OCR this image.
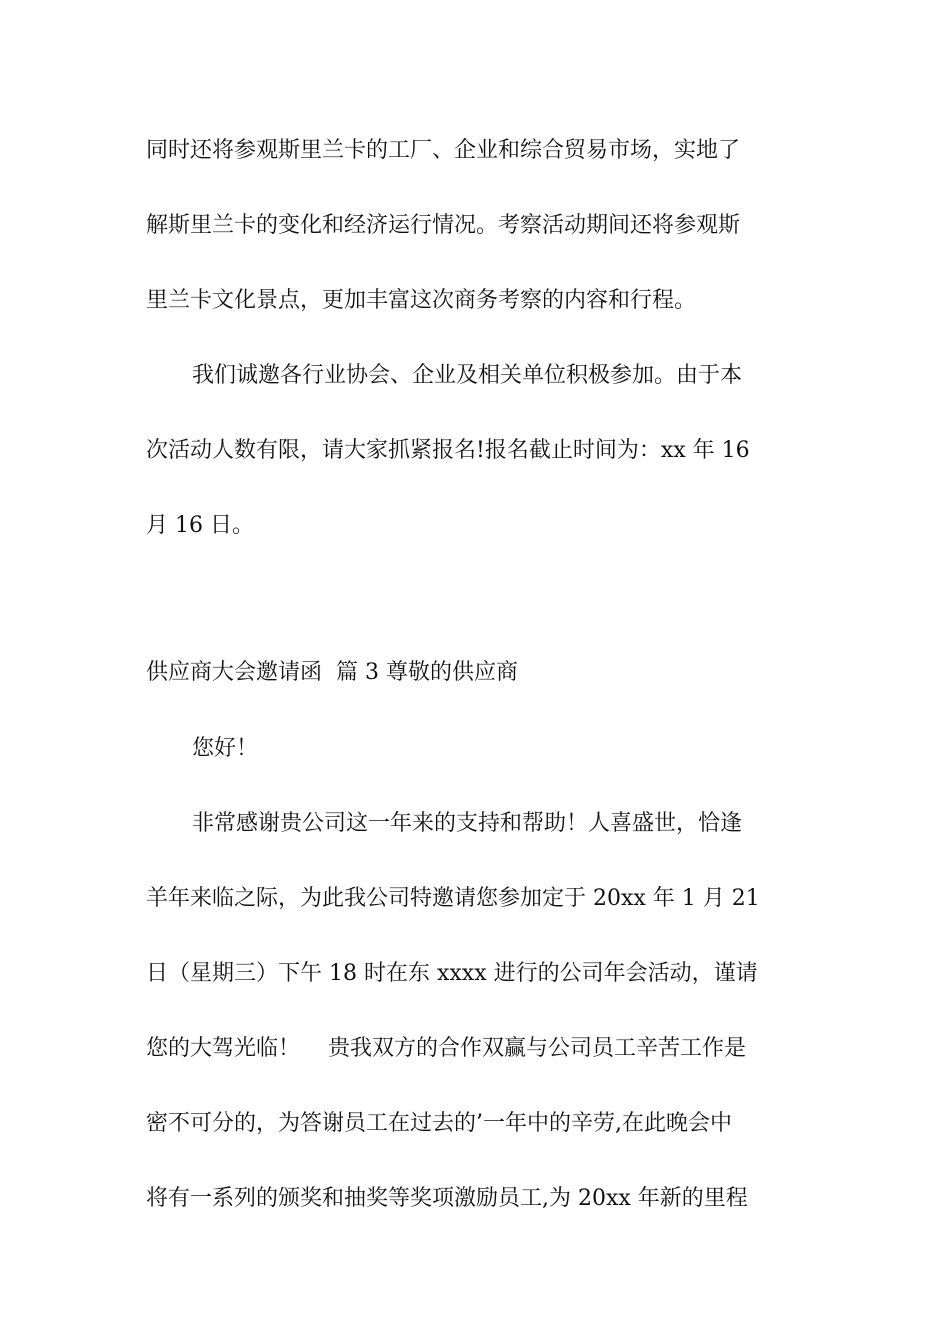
同时还将参观斯里兰卡的工厂、企业和综合贸易市场，实地了
解斯里兰卡的变化和经济运行情况。考察活动期间还将参观斯
里兰卡文化景点，更加丰富这次商务考察的内容和行程。
我们诚邀各行业协会、企业及相关单位积极参加。由于本
次活动人数有限，请大家抓紧报名!报名截止时间为：xx 年 16
月 16 日。
供应商大会邀请函  篇 3 尊敬的供应商
您好！
非常感谢贵公司这一年来的支持和帮助！人喜盛世，恰逢
羊年来临之际，为此我公司特邀请您参加定于 20xx 年 1 月 21
日（星期三）下午 18 时在东 xxxx 进行的公司年会活动，谨请
您的大驾光临！    贵我双方的合作双赢与公司员工辛苦工作是
密不可分的，为答谢员工在过去的’一年中的辛劳,在此晚会中
将有一系列的颁奖和抽奖等奖项激励员工,为 20xx 年新的里程
